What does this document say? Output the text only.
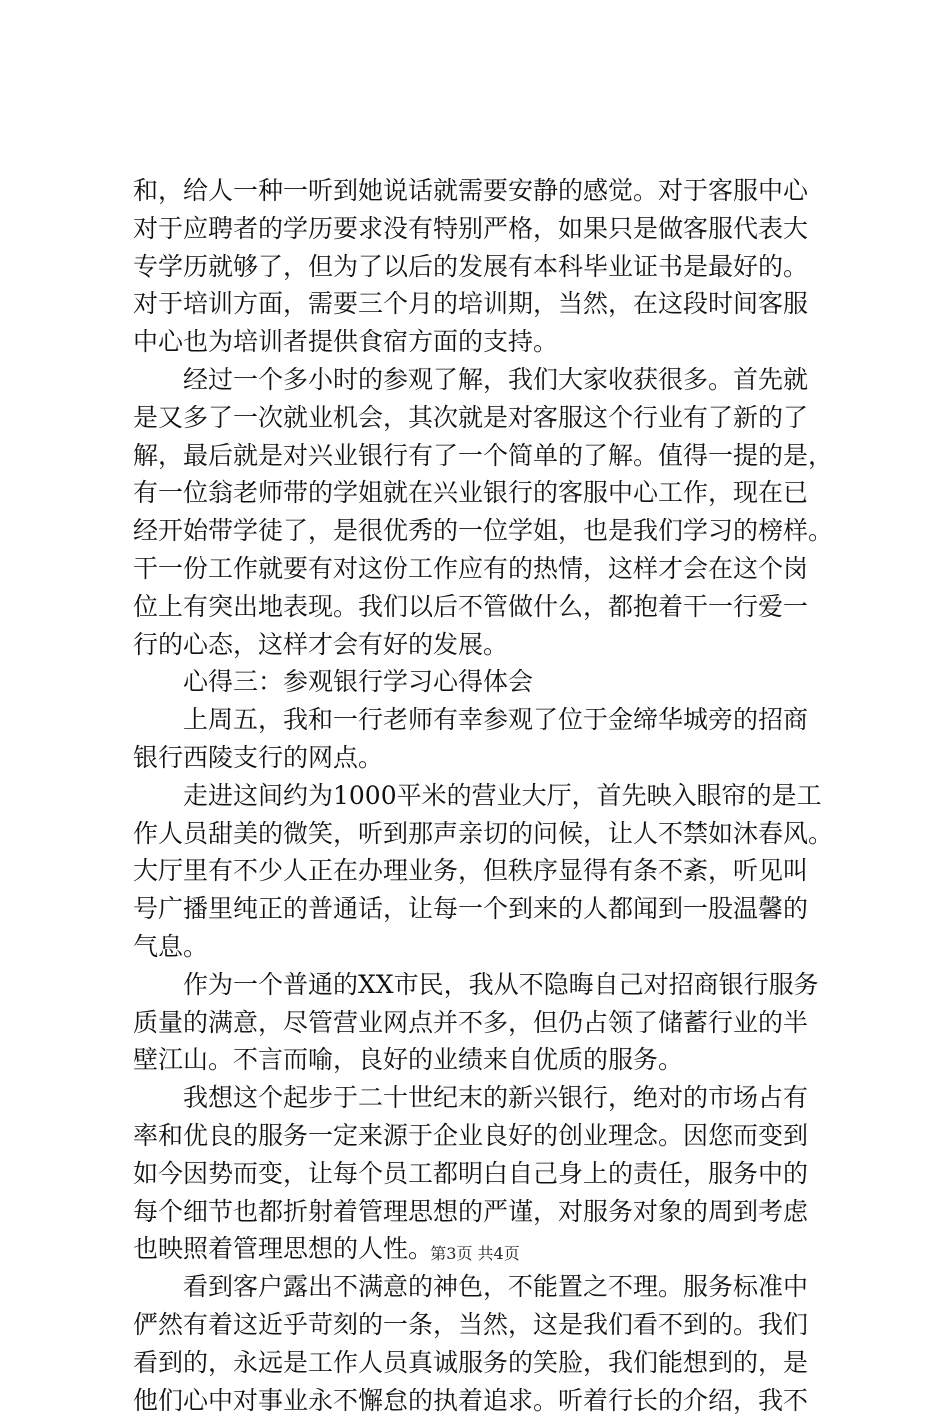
和，给人一种一听到她说话就需要安静的感觉。对于客服中心
对于应聘者的学历要求没有特别严格，如果只是做客服代表大
专学历就够了，但为了以后的发展有本科毕业证书是最好的。
对于培训方面，需要三个月的培训期，当然，在这段时间客服
中心也为培训者提供食宿方面的支持。
经过一个多小时的参观了解，我们大家收获很多。首先就
是又多了一次就业机会，其次就是对客服这个行业有了新的了
解，最后就是对兴业银行有了一个简单的了解。值得一提的是，
有一位翁老师带的学姐就在兴业银行的客服中心工作，现在已
经开始带学徒了，是很优秀的一位学姐，也是我们学习的榜样。
干一份工作就要有对这份工作应有的热情，这样才会在这个岗
位上有突出地表现。我们以后不管做什么，都抱着干一行爱一
行的心态，这样才会有好的发展。
心得三：参观银行学习心得体会
上周五，我和一行老师有幸参观了位于金缔华城旁的招商
银行西陵支行的网点。
走进这间约为1000平米的营业大厅，首先映入眼帘的是工
作人员甜美的微笑，听到那声亲切的问候，让人不禁如沐春风。
大厅里有不少人正在办理业务，但秩序显得有条不紊，听见叫
号广播里纯正的普通话，让每一个到来的人都闻到一股温馨的
气息。
作为一个普通的XX市民，我从不隐晦自己对招商银行服务
质量的满意，尽管营业网点并不多，但仍占领了储蓄行业的半
壁江山。不言而喻，良好的业绩来自优质的服务。
我想这个起步于二十世纪末的新兴银行，绝对的市场占有
率和优良的服务一定来源于企业良好的创业理念。因您而变到
如今因势而变，让每个员工都明白自己身上的责任，服务中的
每个细节也都折射着管理思想的严谨，对服务对象的周到考虑
也映照着管理思想的人性。
看到客户露出不满意的神色，不能置之不理。服务标准中
俨然有着这近乎苛刻的一条，当然，这是我们看不到的。我们
看到的，永远是工作人员真诚服务的笑脸，我们能想到的，是
他们心中对事业永不懈怠的执着追求。听着行长的介绍，我不
第3页 共4页
